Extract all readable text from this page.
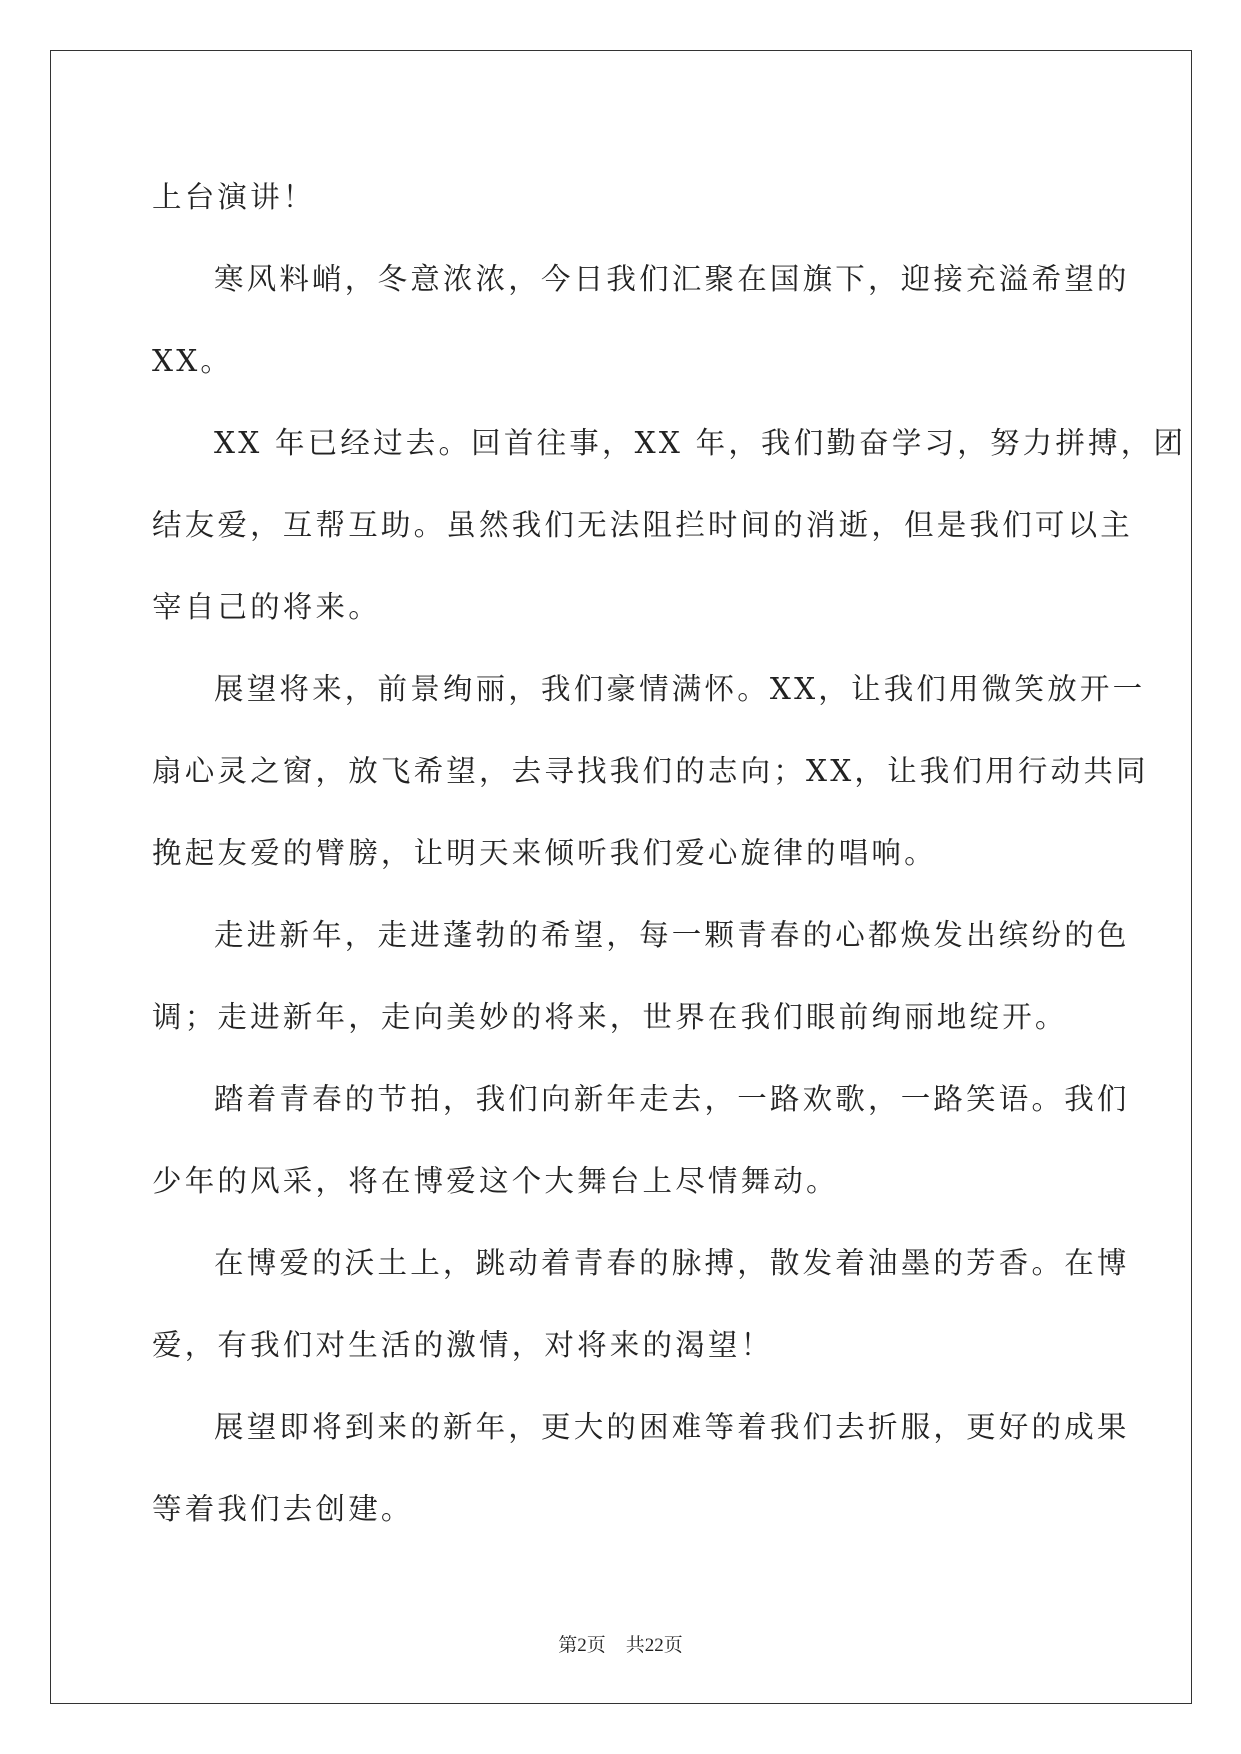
上台演讲！
寒风料峭，冬意浓浓，今日我们汇聚在国旗下，迎接充溢希望的
XX。
XX 年已经过去。回首往事，XX 年，我们勤奋学习，努力拼搏，团
结友爱，互帮互助。虽然我们无法阻拦时间的消逝，但是我们可以主
宰自己的将来。
展望将来，前景绚丽，我们豪情满怀。XX，让我们用微笑放开一
扇心灵之窗，放飞希望，去寻找我们的志向；XX，让我们用行动共同
挽起友爱的臂膀，让明天来倾听我们爱心旋律的唱响。
走进新年，走进蓬勃的希望，每一颗青春的心都焕发出缤纷的色
调；走进新年，走向美妙的将来，世界在我们眼前绚丽地绽开。
踏着青春的节拍，我们向新年走去，一路欢歌，一路笑语。我们
少年的风采，将在博爱这个大舞台上尽情舞动。
在博爱的沃土上，跳动着青春的脉搏，散发着油墨的芳香。在博
爱，有我们对生活的激情，对将来的渴望！
展望即将到来的新年，更大的困难等着我们去折服，更好的成果
等着我们去创建。
第2页 共22页
